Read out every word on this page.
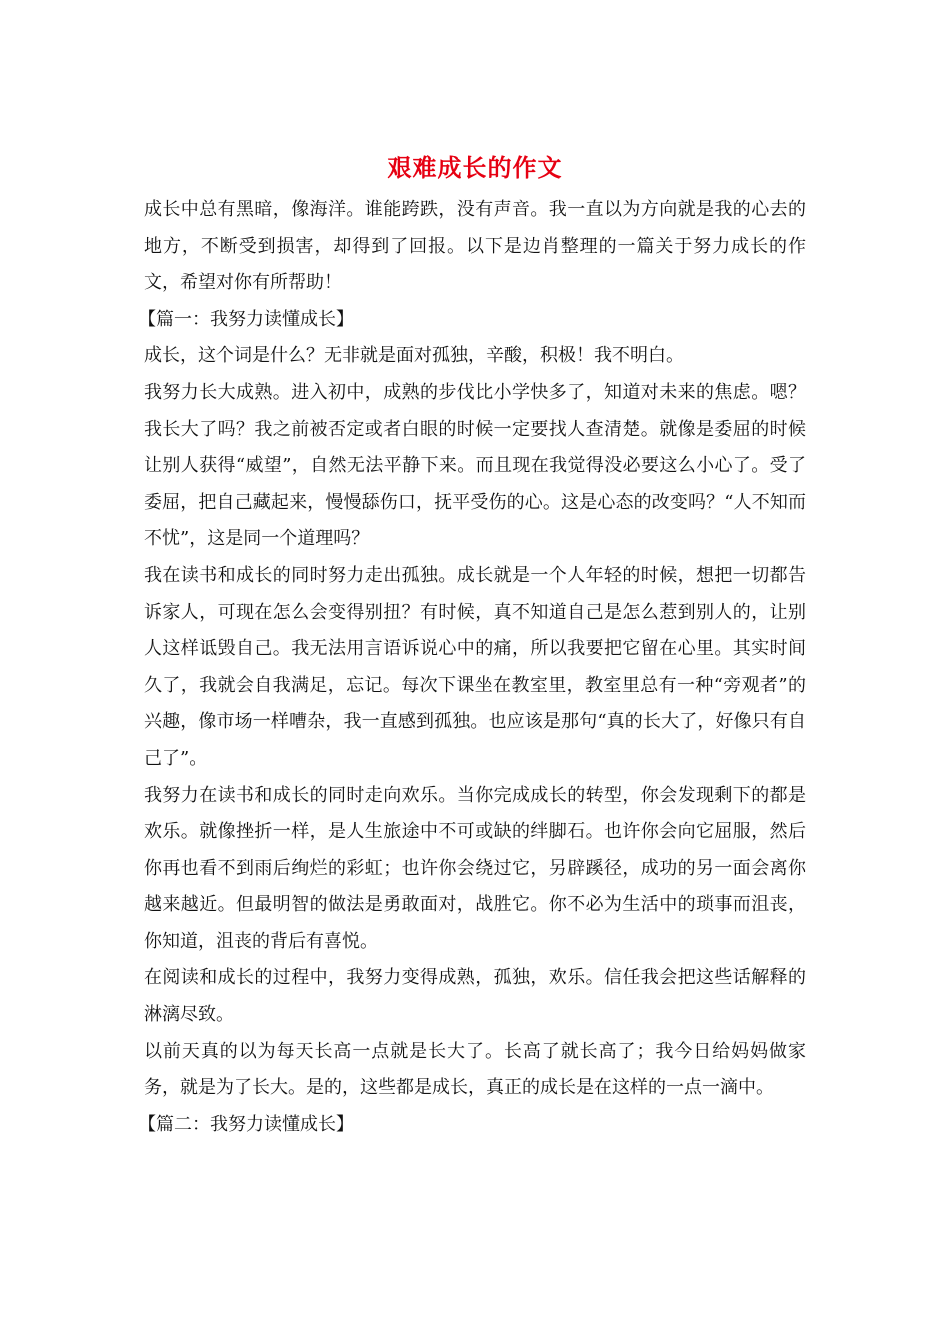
艰难成长的作文

成长中总有黑暗，像海洋。谁能跨跌，没有声音。我一直以为方向就是我的心去的地方，不断受到损害，却得到了回报。以下是边肖整理的一篇关于努力成长的作文，希望对你有所帮助！

【篇一：我努力读懂成长】

成长，这个词是什么？无非就是面对孤独，辛酸，积极！我不明白。

我努力长大成熟。进入初中，成熟的步伐比小学快多了，知道对未来的焦虑。嗯？我长大了吗？我之前被否定或者白眼的时候一定要找人查清楚。就像是委屈的时候让别人获得“威望”，自然无法平静下来。而且现在我觉得没必要这么小心了。受了委屈，把自己藏起来，慢慢舔伤口，抚平受伤的心。这是心态的改变吗？“人不知而不忧”，这是同一个道理吗？

我在读书和成长的同时努力走出孤独。成长就是一个人年轻的时候，想把一切都告诉家人，可现在怎么会变得别扭？有时候，真不知道自己是怎么惹到别人的，让别人这样诋毁自己。我无法用言语诉说心中的痛，所以我要把它留在心里。其实时间久了，我就会自我满足，忘记。每次下课坐在教室里，教室里总有一种“旁观者”的兴趣，像市场一样嘈杂，我一直感到孤独。也应该是那句“真的长大了，好像只有自己了”。

我努力在读书和成长的同时走向欢乐。当你完成成长的转型，你会发现剩下的都是欢乐。就像挫折一样，是人生旅途中不可或缺的绊脚石。也许你会向它屈服，然后你再也看不到雨后绚烂的彩虹；也许你会绕过它，另辟蹊径，成功的另一面会离你越来越近。但最明智的做法是勇敢面对，战胜它。你不必为生活中的琐事而沮丧，你知道，沮丧的背后有喜悦。

在阅读和成长的过程中，我努力变得成熟，孤独，欢乐。信任我会把这些话解释的淋漓尽致。

以前天真的以为每天长高一点就是长大了。长高了就长高了；我今日给妈妈做家务，就是为了长大。是的，这些都是成长，真正的成长是在这样的一点一滴中。

【篇二：我努力读懂成长】
